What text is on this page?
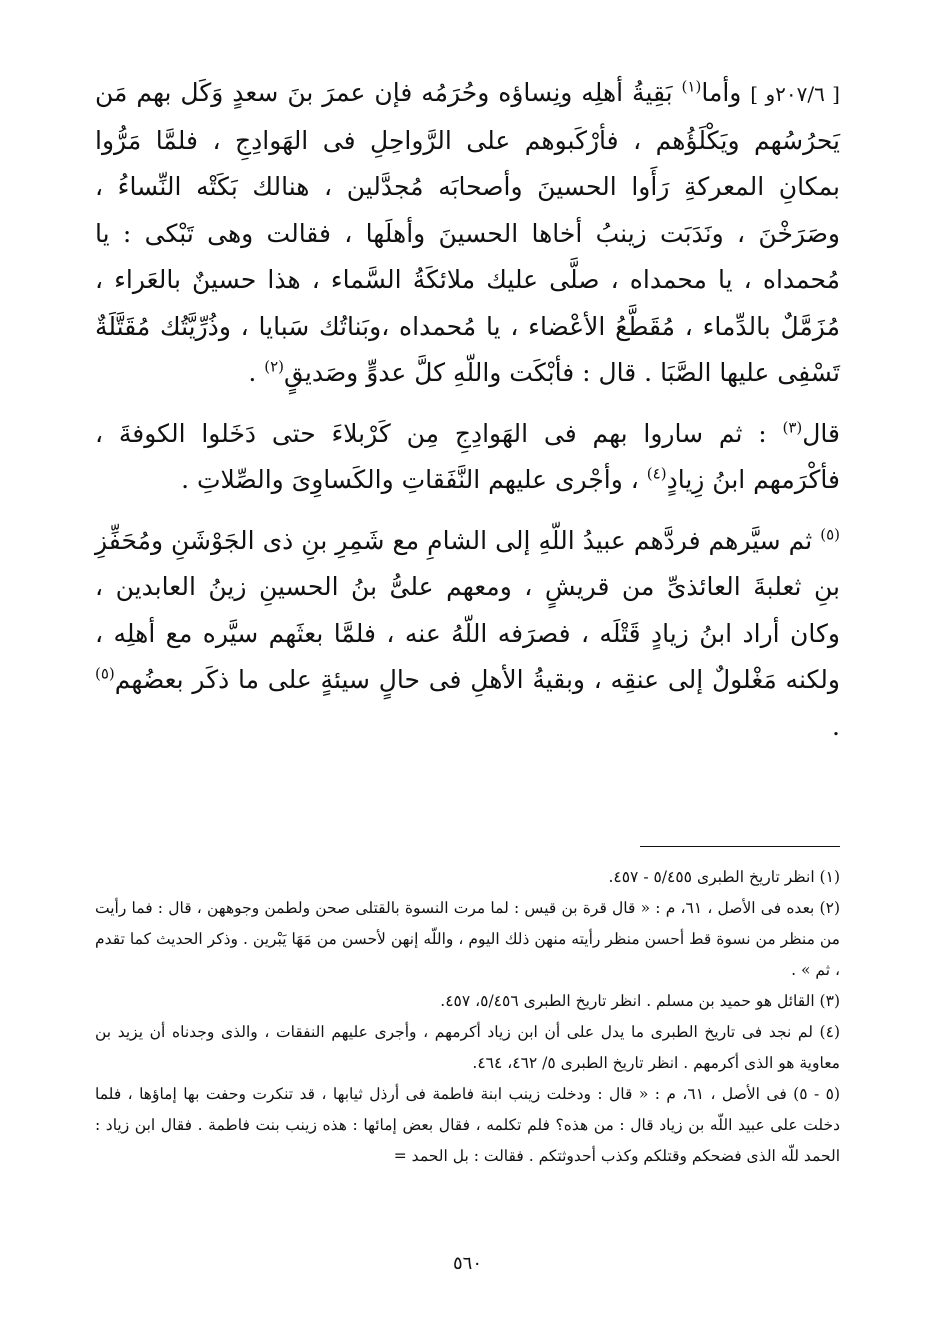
[ ٢٠٧/٦و ] وأما$^{(١)}$ بَقِيةُ أهلِه ونِساؤه وحُرَمُه فإن عمرَ بنَ سعدٍ وَكَل بهم مَن يَحرُسُهم ويَكْلَؤُهم ، فأرْكَبوهم على الرَّواحِلِ فى الهَوادِجِ ، فلمَّا مَرُّوا بمكانِ المعركةِ رَأَوا الحسينَ وأصحابَه مُجدَّلين ، هنالك بَكَتْه النِّساءُ ، وصَرَخْنَ ، ونَدَبَت زينبُ أخاها الحسينَ وأهلَها ، فقالت وهى تَبْكى : يا مُحمداه ، يا محمداه ، صلَّى عليك ملائكَةُ السَّماء ، هذا حسينٌ بالعَراء ، مُزَمَّلٌ بالدِّماء ، مُقَطَّعُ الأعْضاء ، يا مُحمداه ،وبَناتُك سَبايا ، وذُرِّيَّتُك مُقَتَّلَةٌ تَسْفِى عليها الصَّبَا . قال : فأبْكَت واللّهِ كلَّ عدوٍّ وصَديقٍ$^{(٢)}$ .

قال$^{(٣)}$ : ثم ساروا بهم فى الهَوادِجِ مِن كَرْبلاءَ حتى دَخَلوا الكوفةَ ، فأكْرَمهم ابنُ زِيادٍ$^{(٤)}$ ، وأجْرى عليهم النَّفَقاتِ والكَساوِىَ والصِّلاتِ .

$^{(٥)}$ ثم سيَّرهم فردَّهم عبيدُ اللّهِ إلى الشامِ مع شَمِرِ بنِ ذى الجَوْشَنِ ومُحَفِّزِ بنِ ثعلبةَ العائذىِّ من قريشٍ ، ومعهم علىُّ بنُ الحسينِ زينُ العابدين ، وكان أراد ابنُ زيادٍ قَتْلَه ، فصرَفه اللّهُ عنه ، فلمَّا بعثَهم سيَّره مع أهلِه ، ولكنه مَغْلولٌ إلى عنقِه ، وبقيةُ الأهلِ فى حالٍ سيئةٍ على ما ذكَر بعضُهم$^{(٥)}$ .

(١) انظر تاريخ الطبرى ٥/٤٥٥ - ٤٥٧.

(٢) بعده فى الأصل ، ٦١، م : « قال قرة بن قيس : لما مرت النسوة بالقتلى صحن ولطمن وجوههن ، قال : فما رأيت من منظر من نسوة قط أحسن منظر رأيته منهن ذلك اليوم ، واللّه إنهن لأحسن من مَهَا يَبْرين . وذكر الحديث كما تقدم ، ثم » .

(٣) القائل هو حميد بن مسلم . انظر تاريخ الطبرى ٥/٤٥٦، ٤٥٧.

(٤) لم نجد فى تاريخ الطبرى ما يدل على أن ابن زياد أكرمهم ، وأجرى عليهم النفقات ، والذى وجدناه أن يزيد بن معاوية هو الذى أكرمهم . انظر تاريخ الطبرى ٥/ ٤٦٢، ٤٦٤.

(٥ - ٥) فى الأصل ، ٦١، م : « قال : ودخلت زينب ابنة فاطمة فى أرذل ثيابها ، قد تنكرت وحفت بها إماؤها ، فلما دخلت على عبيد اللّه بن زياد قال : من هذه؟ فلم تكلمه ، فقال بعض إمائها : هذه زينب بنت فاطمة . فقال ابن زياد : الحمد للّه الذى فضحكم وقتلكم وكذب أحدوثتكم . فقالت : بل الحمد =

٥٦٠
